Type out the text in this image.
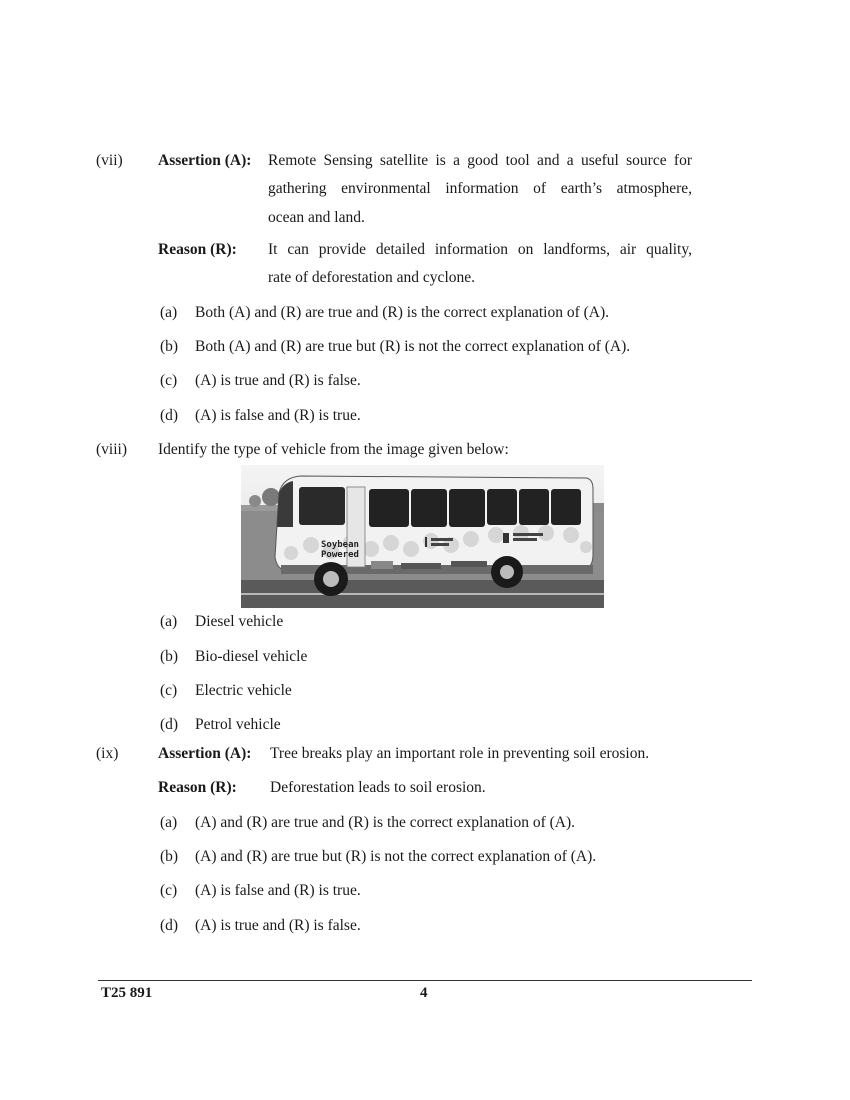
(vii) Assertion (A): Remote Sensing satellite is a good tool and a useful source for
gathering environmental information of earth’s atmosphere,
ocean and land.
Reason (R): It can provide detailed information on landforms, air quality,
rate of deforestation and cyclone.
(a) Both (A) and (R) are true and (R) is the correct explanation of (A).
(b) Both (A) and (R) are true but (R) is not the correct explanation of (A).
(c) (A) is true and (R) is false.
(d) (A) is false and (R) is true.
(viii) Identify the type of vehicle from the image given below:
Soybean
Powered
(a) Diesel vehicle
(b) Bio-diesel vehicle
(c) Electric vehicle
(d) Petrol vehicle
(ix)	Assertion (A): Tree breaks play an important role in preventing soil erosion.
Reason (R): Deforestation leads to soil erosion.
(a) (A) and (R) are true and (R) is the correct explanation of (A).
(b) (A) and (R) are true but (R) is not the correct explanation of (A).
(c) (A) is false and (R) is true.
(d) (A) is true and (R) is false.
T25 891	4
